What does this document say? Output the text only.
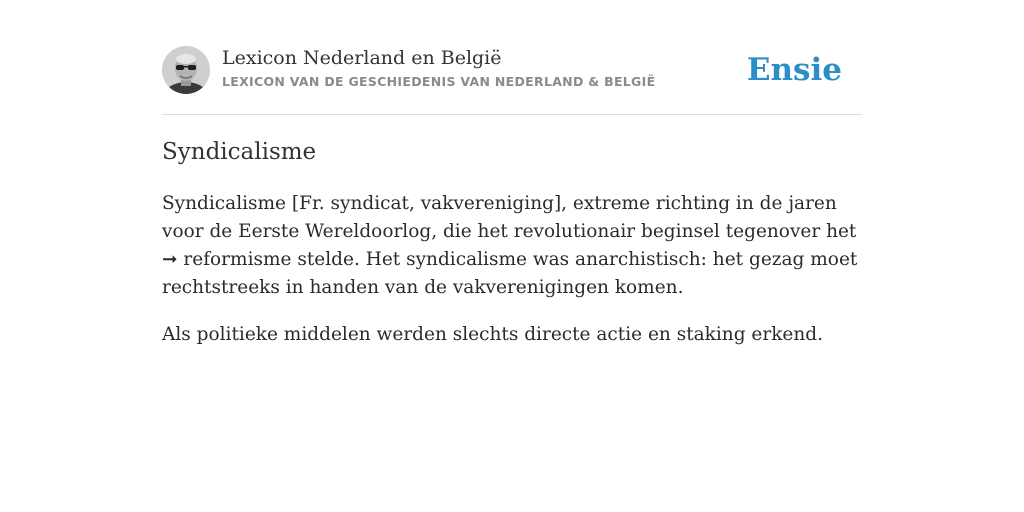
Lexicon Nederland en België
LEXICON VAN DE GESCHIEDENIS VAN NEDERLAND & BELGIË	Ensie
Syndicalisme

Syndicalisme [Fr. syndicat, vakvereniging], extreme richting in de jaren voor de Eerste Wereldoorlog, die het revolutionair beginsel tegenover het ➞ reformisme stelde. Het syndicalisme was anarchistisch: het gezag moet rechtstreeks in handen van de vakverenigingen komen.

Als politieke middelen werden slechts directe actie en staking erkend.
